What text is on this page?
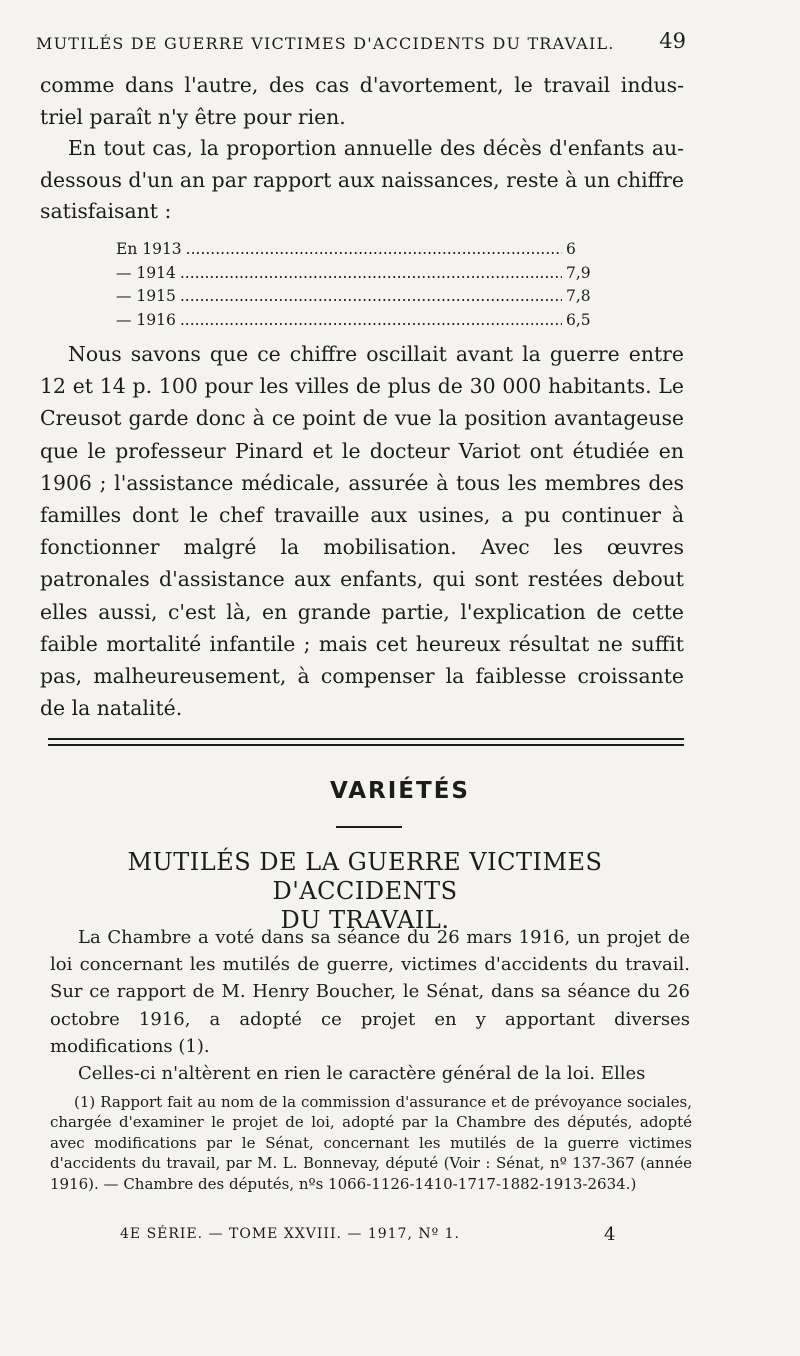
MUTILÉS DE GUERRE VICTIMES D'ACCIDENTS DU TRAVAIL. 49

comme dans l'autre, des cas d'avortement, le travail indus-

triel paraît n'y être pour rien.

En tout cas, la proportion annuelle des décès d'enfants au-dessous d'un an par rapport aux naissances, reste à un chiffre satisfaisant :

En 1913 .....	6
— 1914 .....	7,9
— 1915 .....	7,8
— 1916 .....	6,5

Nous savons que ce chiffre oscillait avant la guerre entre 12 et 14 p. 100 pour les villes de plus de 30 000 habitants. Le Creusot garde donc à ce point de vue la position avantageuse que le professeur Pinard et le docteur Variot ont étudiée en 1906 ; l'assistance médicale, assurée à tous les membres des familles dont le chef travaille aux usines, a pu continuer à fonctionner malgré la mobilisation. Avec les œuvres patronales d'assistance aux enfants, qui sont restées debout elles aussi, c'est là, en grande partie, l'explication de cette faible mortalité infantile ; mais cet heureux résultat ne suffit pas, malheureusement, à compenser la faiblesse croissante de la natalité.

VARIÉTÉS
MUTILÉS DE LA GUERRE VICTIMES D'ACCIDENTS
DU TRAVAIL.

La Chambre a voté dans sa séance du 26 mars 1916, un projet de loi concernant les mutilés de guerre, victimes d'accidents du travail. Sur ce rapport de M. Henry Boucher, le Sénat, dans sa séance du 26 octobre 1916, a adopté ce projet en y apportant diverses modifications (1).

Celles-ci n'altèrent en rien le caractère général de la loi. Elles

(1) Rapport fait au nom de la commission d'assurance et de prévoyance sociales, chargée d'examiner le projet de loi, adopté par la Chambre des députés, adopté avec modifications par le Sénat, concernant les mutilés de la guerre victimes d'accidents du travail, par M. L. Bonnevay, député (Voir : Sénat, nº 137-367 (année 1916). — Chambre des députés, nºs 1066-1126-1410-1717-1882-1913-2634.)

4E SÉRIE. — TOME XXVIII. — 1917, Nº 1.	4
